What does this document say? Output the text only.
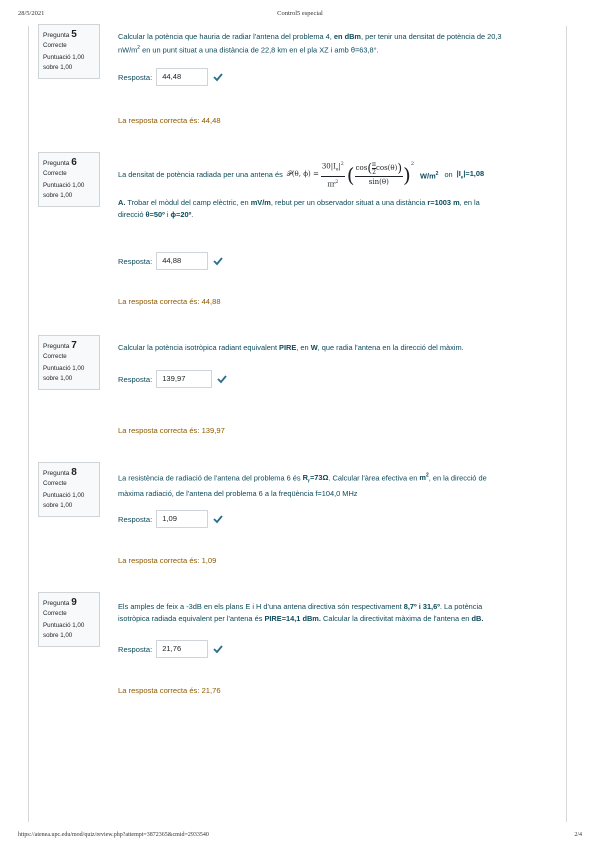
28/5/2021	Control5 especial
Pregunta 5
Correcte
Puntuació 1,00
sobre 1,00
Calcular la potència que hauria de radiar l'antena del problema 4, en dBm, per tenir una densitat de potència de 20,3
$nW/m^2$ en un punt situat a una distància de 22,8 km en el pla XZ i amb θ=63,8°.
Resposta:	44,48
La resposta correcta és: 44,48
Pregunta 6
Correcte
Puntuació 1,00
sobre 1,00
La densitat de potència radiada per una antena és 𝒫(θ, $\phi) = \frac{30|I_e|^2}{\pi r^2}$ ( cos ( π
2
cos(θ) )
sin(θ) )$^2$
$W/m^2$ on $|I_e|=1,08$
A. Trobar el mòdul del camp elèctric, en mV/m, rebut per un observador situat a una distància r=1003 m, en la
direcció θ=50º i ϕ=20º.
Resposta:	44,88
La resposta correcta és: 44,88
Pregunta 7
Correcte
Puntuació 1,00
sobre 1,00
Calcular la potència isotròpica radiant equivalent PIRE, en W, que radia l'antena en la direcció del màxim.
Resposta:	139,97
La resposta correcta és: 139,97
Pregunta 8
Correcte
Puntuació 1,00
sobre 1,00
La resistència de radiació de l'antena del problema 6 és $R_r=73\Omega$. Calcular l'àrea efectiva en $m^2$, en la direcció de
màxima radiació, de l'antena del problema 6 a la freqüència f=104,0 MHz
Resposta:	1,09
La resposta correcta és: 1,09
Pregunta 9
Correcte
Puntuació 1,00
sobre 1,00
Els amples de feix a -3dB en els plans E i H d'una antena directiva són respectivament 8,7º i 31,6º. La potència
isotròpica radiada equivalent per l'antena és PIRE=14,1 dBm. Calcular la directivitat màxima de l'antena en dB.
Resposta:	21,76
La resposta correcta és: 21,76
https://atenea.upc.edu/mod/quiz/review.php?attempt=3872365&cmid=2933540	2/4
